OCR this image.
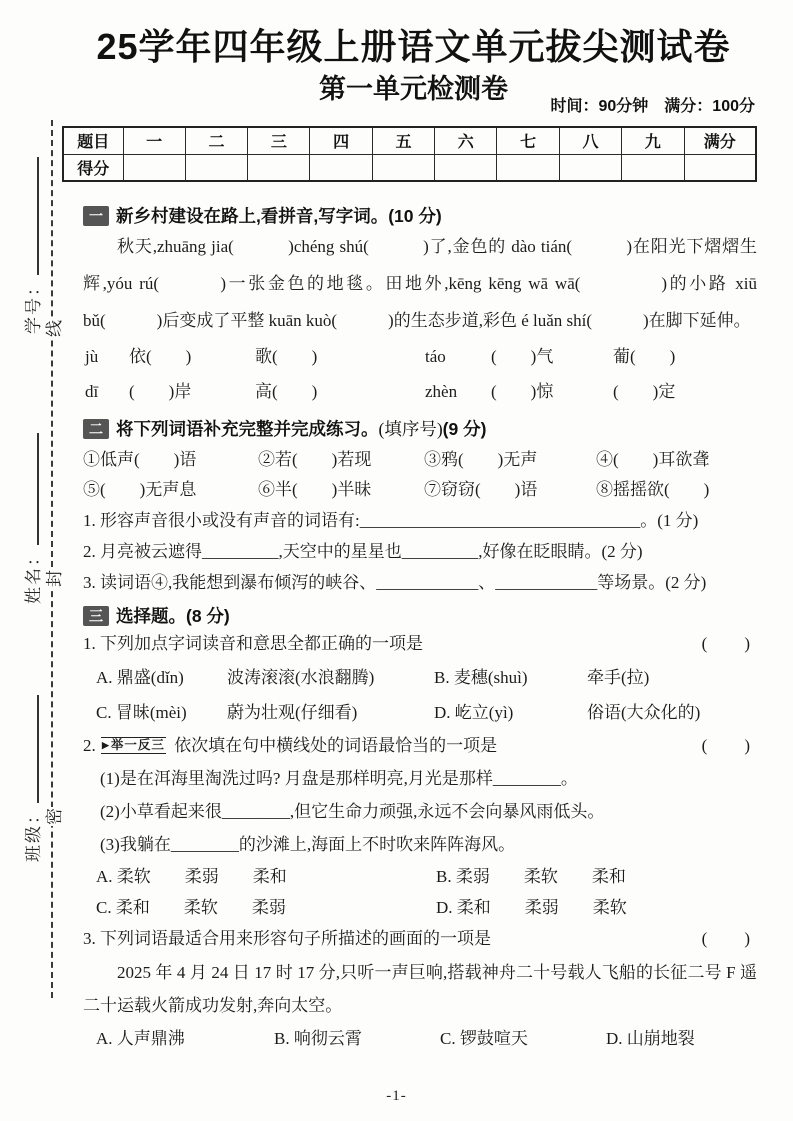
学号：
姓名：
班级：
线
封
密
25学年四年级上册语文单元拔尖测试卷
第一单元检测卷
时间：90分钟　满分：100分
题目	一	二	三	四	五	六	七	八	九	满分
得分										
一 新乡村建设在路上,看拼音,写字词。(10 分)
秋天,zhuāng jia(　　　)chéng shú(　　　)了,金色的 dào tián(　　　)在阳光下熠熠生辉,yóu rú(　　　)一张金色的地毯。田地外,kēng kēng wā wā(　　　　)的小路 xiū bǔ(　　　)后变成了平整 kuān kuò(　　　)的生态步道,彩色 é luǎn shí(　　　)在脚下延伸。
jù	依(　　)	歌(　　)	táo	(　　)气	葡(　　)
dī	(　　)岸	高(　　)	zhèn	(　　)惊	(　　)定
二 将下列词语补充完整并完成练习。 (填序号) (9 分)
①低声(　　)语	②若(　　)若现	③鸦(　　)无声	④(　　)耳欲聋
⑤(　　)无声息	⑥半(　　)半昧	⑦窃窃(　　)语	⑧摇摇欲(　　)
1. 形容声音很小或没有声音的词语有:_________________________________。(1 分)
2. 月亮被云遮得_________,天空中的星星也_________,好像在眨眼睛。(2 分)
3. 读词语④,我能想到瀑布倾泻的峡谷、____________、____________等场景。(2 分)
三 选择题。(8 分)
1. 下列加点字词读音和意思全都正确的一项是	(　　)
A. 鼎 ●盛(dǐn)	波涛 ●滚 ●滚(水浪翻腾)	B. 麦穗 ●(shuì)	牵 ●手(拉)
C. 冒昧 ●(mèi)	蔚 ●为壮观(仔细看)	D. 屹 ●立(yì)	俗 ●语(大众化的)
2. ▶举一反三 依次填在句中横线处的词语最恰当的一项是	(　　)
(1)是在洱海里淘洗过吗? 月盘是那样明亮,月光是那样________。
(2)小草看起来很________,但它生命力顽强,永远不会向暴风雨低头。
(3)我躺在________的沙滩上,海面上不时吹来阵阵海风。
A. 柔软　　柔弱　　柔和	B. 柔弱　　柔软　　柔和
C. 柔和　　柔软　　柔弱	D. 柔和　　柔弱　　柔软
3. 下列词语最适合用来形容句子所描述的画面的一项是	(　　)
2025 年 4 月 24 日 17 时 17 分,只听一声巨响,搭载神舟二十号载人飞船的长征二号 F 遥二十运载火箭成功发射,奔向太空。
A. 人声鼎沸	B. 响彻云霄	C. 锣鼓喧天	D. 山崩地裂
-1-
